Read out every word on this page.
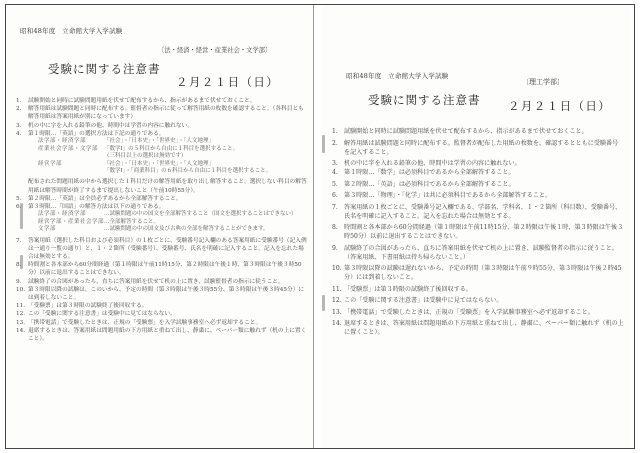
昭和48年度　立命館大学入学試験
〔法・経済・経営・産業社会・文学部〕
受験に関する注意書
２月２１日（日）
1. 試験開始と同時に試験問題用紙を伏せて配布するから、指示があるまで伏せておくこと。
2. 解答用紙は試験問題と同時に配布する。監督者の指示に従って解答用紙の枚数を確認すること。（各科目とも解答用紙は答案用紙が別になっています）
3. 机の中に字を入れる鉛筆の他、時間中は学習の内容に触れない。
4. 第１時限…「英語」の選択方法は下記の通りである。
法学部・経済学部	「社会」・「日本史」・「世界史」・「人文地理」
産業社会学部・文学部 「数学Ⅰ」の５科目から自由に１科目を選択すること。
（三科目以上の選択は無効です）
経営学部	「社会」・「日本史」・「世界史」・「人文地理」
「数学Ⅰ」・「商業科目」の６科目から自由に１科目を選択すること。
配布された問題用紙の中から選択した１科目だけの解答用紙を取り出し解答すること。選択しない科目の解答用紙は解答時間が終了するまで提出しないこと（午前10時55分）。
5. 第２時限…「英語」は全員必ずあるから全部解答すること。
6. 第３時限…「国語」の解答方法は以下の通りである。
法学部・経済学部	…試験問題の中の国文を全部解答すること（国文を選択することはできない）
経営学部・産業社会学部…全部解答すること。
文学部	…試験問題の中の国文及び古典の全部を解答することができます。
7. 答案用紙（選択した科目および必須科目）の１枚ごとに、受験番号記入欄のある答案用紙に受験番号（記入例は一通り一覧の通り）と、１・２箇所（受験番号）、受験番号、氏名を明確に記入すること。記入を忘れた場合は無効とする。
8. 時間割と各本部から60分間経過（第１時限は午前11時15分、第２時限は午後１時、第３時限は午後３時50分）以前に退出することはできない。
9. 試験終了の合図があったら、直ちに答案用紙を伏せて机の上に置き、試験監督者の指示に従うこと。
10. 第３時限以降の試験は、このいから、予定の時間（第３時限は午後３時55分、第３時限は午後３時45分）には到着しないこと。
11. 「受験票」は第３時限の試験終了後回収する。
12. この「受験に関する注意書」は受験中に見てはならない。
13. 「携帯電話」で受験したときは、正規の「受験票」を入学試験事務室へ必ず返却すること。
14. 退席するときは、答案用紙は問題用紙の下方用紙と重ねて出し、静粛に、ペーパー類に触れず（机の上に置くこと）。
昭和48年度　立命館大学入学試験
〔理工学部〕
受験に関する注意書 ２月２１日（日）
1. 試験開始と同時に試験問題用紙を伏せて配布するから、指示があるまで伏せておくこと。
2. 解答用紙は試験問題と同時に配布する。監督者が配布した用紙の枚数を、確認するとともに受験番号を記入すること。
3. 机の中に字を入れる鉛筆の他、時間中は学習の内容に触れない。
4. 第１時限…「数学」は必須科目であるから全部解答すること。
5. 第２時限…「英語」は必須科目であるから全部解答すること。
6. 第３時限…「物理」・「化学」は共に必須科目であるから全部解答すること。
7. 答案用紙の１枚ごとに、受験番号記入欄である、学部名、学科名、１・２箇所（科目数）、受験番号、氏名を明確に記入すること。記入を忘れた場合は無効とする。
8. 時間割と各本部から60分間経過（第１時限は午前11時15分、第２時限は午後１時、第３時限は午後３時50分）以前に退出することはできない。
9. 試験終了の合図があったら、直ちに答案用紙を伏せて机の上に置き、試験監督者の指示に従うこと。（答案用紙、下書用紙は持ち帰らないこと。）
10. 第３時限以降の試験は遅れないから、予定の時間（第３時限は午前９時55分、第３時限は午後２時45分）には到着しないこと。
11. 「受験票」は第３時限の試験終了後回収する。
12. この「受験に関する注意書」は受験中に見てはならない。
13. 「携帯電話」で受験したときは、正規の「受験票」を入学試験事務室へ必ず返却すること。
14. 退席するときは、答案用紙は問題用紙の下方用紙と重ねて出し、静粛に、ペーパー類に触れず（机の上に置くこと）。
